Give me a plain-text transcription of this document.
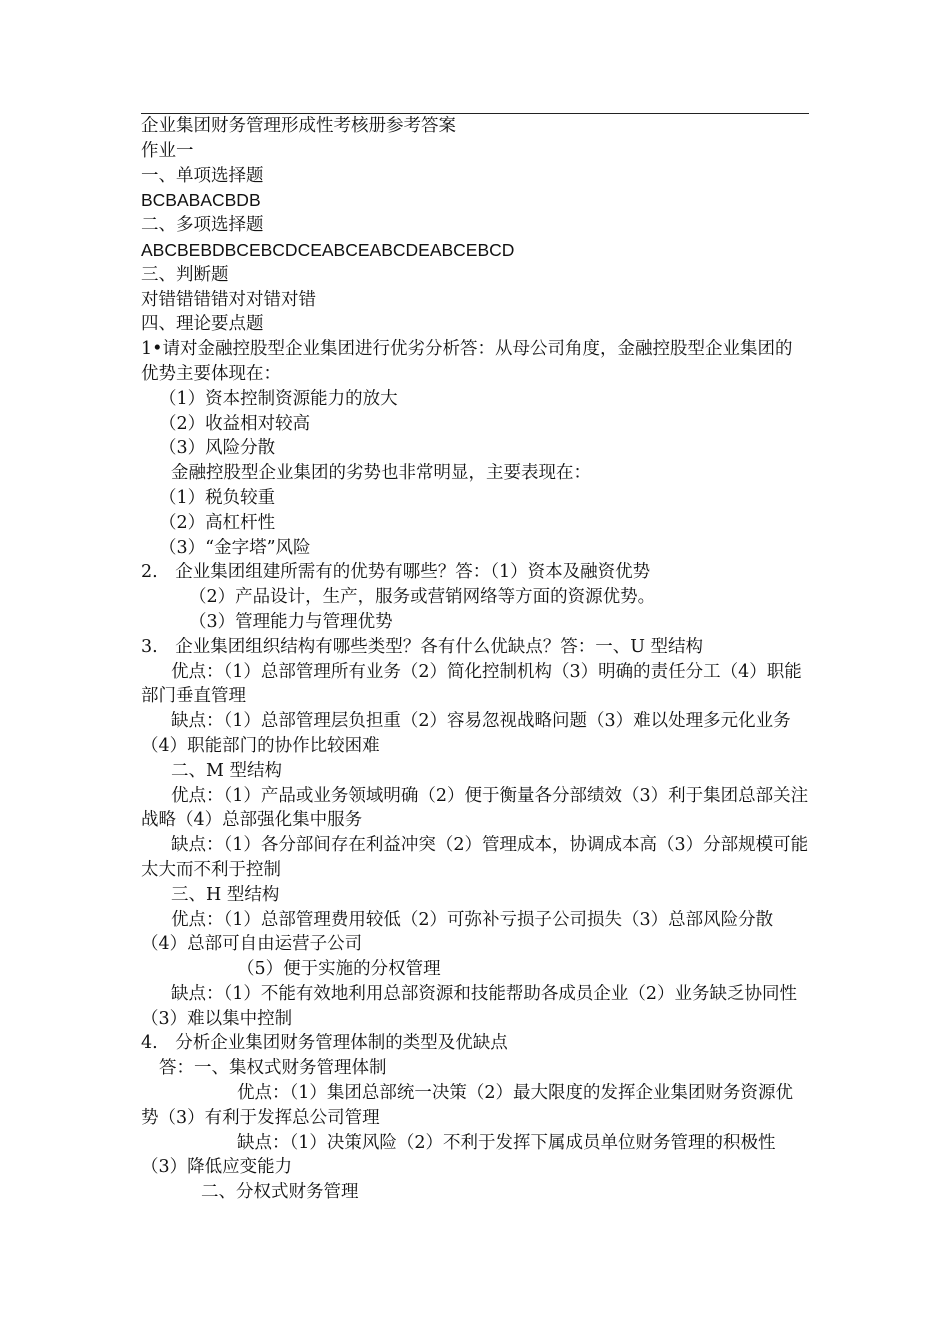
企业集团财务管理形成性考核册参考答案

作业一

一、单项选择题

BCBABACBDB

二、多项选择题

ABCBEBDBCEBCDCEABCEABCDEABCEBCD

三、判断题

对错错错错对对错对错

四、理论要点题

1•请对金融控股型企业集团进行优劣分析答：从母公司角度，金融控股型企业集团的优势主要体现在：

（1）资本控制资源能力的放大

（2）收益相对较高

（3）风险分散

金融控股型企业集团的劣势也非常明显，主要表现在：

（1）税负较重

（2）高杠杆性

（3）“金字塔”风险

2.　企业集团组建所需有的优势有哪些？答：（1）资本及融资优势

（2）产品设计，生产，服务或营销网络等方面的资源优势。

（3）管理能力与管理优势

3.　企业集团组织结构有哪些类型？各有什么优缺点？答：一、U 型结构

优点：（1）总部管理所有业务（2）简化控制机构（3）明确的责任分工（4）职能部门垂直管理

缺点：（1）总部管理层负担重（2）容易忽视战略问题（3）难以处理多元化业务（4）职能部门的协作比较困难

二、M 型结构

优点：（1）产品或业务领域明确（2）便于衡量各分部绩效（3）利于集团总部关注战略（4）总部强化集中服务

缺点：（1）各分部间存在利益冲突（2）管理成本，协调成本高（3）分部规模可能太大而不利于控制

三、H 型结构

优点：（1）总部管理费用较低（2）可弥补亏损子公司损失（3）总部风险分散（4）总部可自由运营子公司

（5）便于实施的分权管理

缺点：（1）不能有效地利用总部资源和技能帮助各成员企业（2）业务缺乏协同性（3）难以集中控制

4.　分析企业集团财务管理体制的类型及优缺点

答：一、集权式财务管理体制

优点：（1）集团总部统一决策（2）最大限度的发挥企业集团财务资源优势（3）有利于发挥总公司管理

缺点：（1）决策风险（2）不利于发挥下属成员单位财务管理的积极性（3）降低应变能力

二、分权式财务管理
